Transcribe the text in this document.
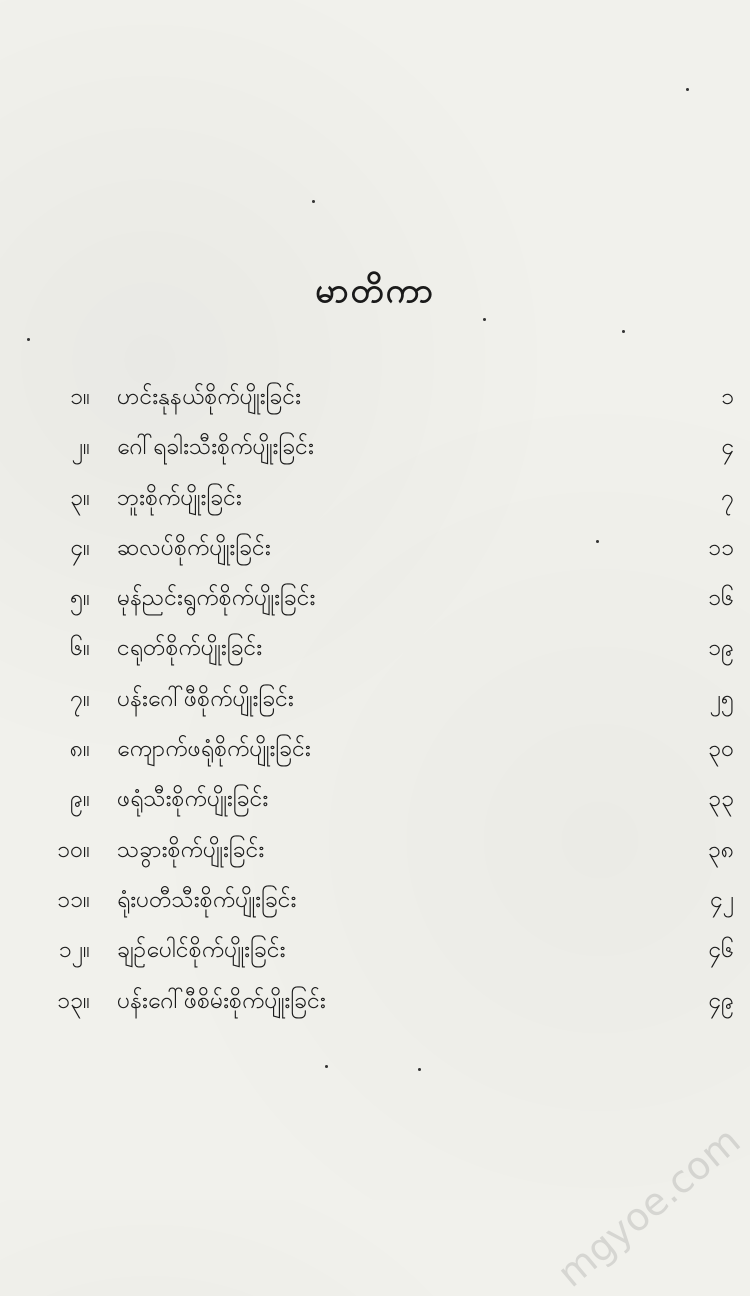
မာတိကာ
၁။ ဟင်းနုနယ်စိုက်ပျိုးခြင်း	၁
၂။ ဂေါ်ရခါးသီးစိုက်ပျိုးခြင်း	၄
၃။ ဘူးစိုက်ပျိုးခြင်း	၇
၄။ ဆလပ်စိုက်ပျိုးခြင်း	၁၁
၅။ မုန်ညင်းရွက်စိုက်ပျိုးခြင်း	၁၆
၆။ ငရုတ်စိုက်ပျိုးခြင်း	၁၉
၇။ ပန်းဂေါ်ဖီစိုက်ပျိုးခြင်း	၂၅
၈။ ကျောက်ဖရုံစိုက်ပျိုးခြင်း	၃၀
၉။ ဖရုံသီးစိုက်ပျိုးခြင်း	၃၃
၁၀။ သခွားစိုက်ပျိုးခြင်း	၃၈
၁၁။ ရုံးပတီသီးစိုက်ပျိုးခြင်း	၄၂
၁၂။ ချဉ်ပေါင်စိုက်ပျိုးခြင်း	၄၆
၁၃။ ပန်းဂေါ်ဖီစိမ်းစိုက်ပျိုးခြင်း	၄၉
mgyoe.com
